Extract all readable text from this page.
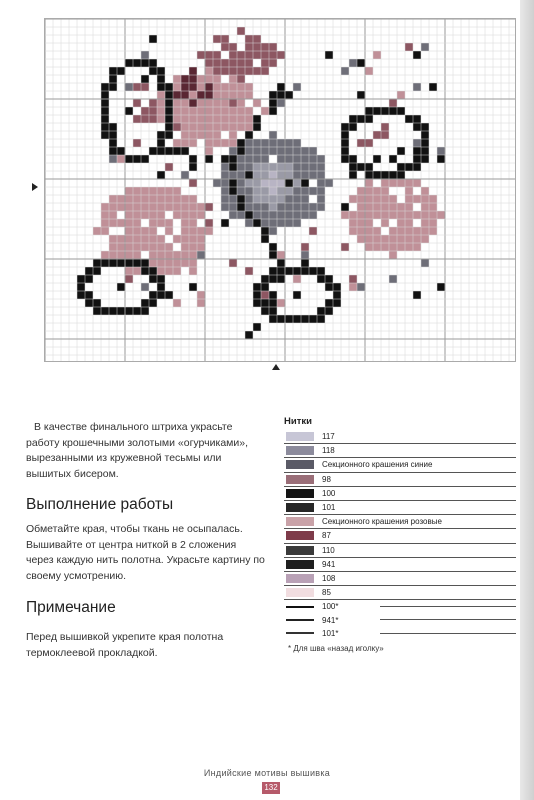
В качестве финального штриха украсьте работу крошечными золотыми «огурчиками», вырезанными из кружевной тесьмы или вышитых бисером.
Выполнение работы
Обметайте края, чтобы ткань не осыпалась. Вышивайте от центра ниткой в 2 сложения через каждую нить полотна. Украсьте картину по своему усмотрению.
Примечание
Перед вышивкой укрепите края полотна термоклеевой прокладкой.
Нитки
117
118
Секционного крашения синие
98
100
101
Секционного крашения розовые
87
110
941
108
85
100*
941*
101*
* Для шва «назад иголку»
Индийские мотивы вышивка
132
